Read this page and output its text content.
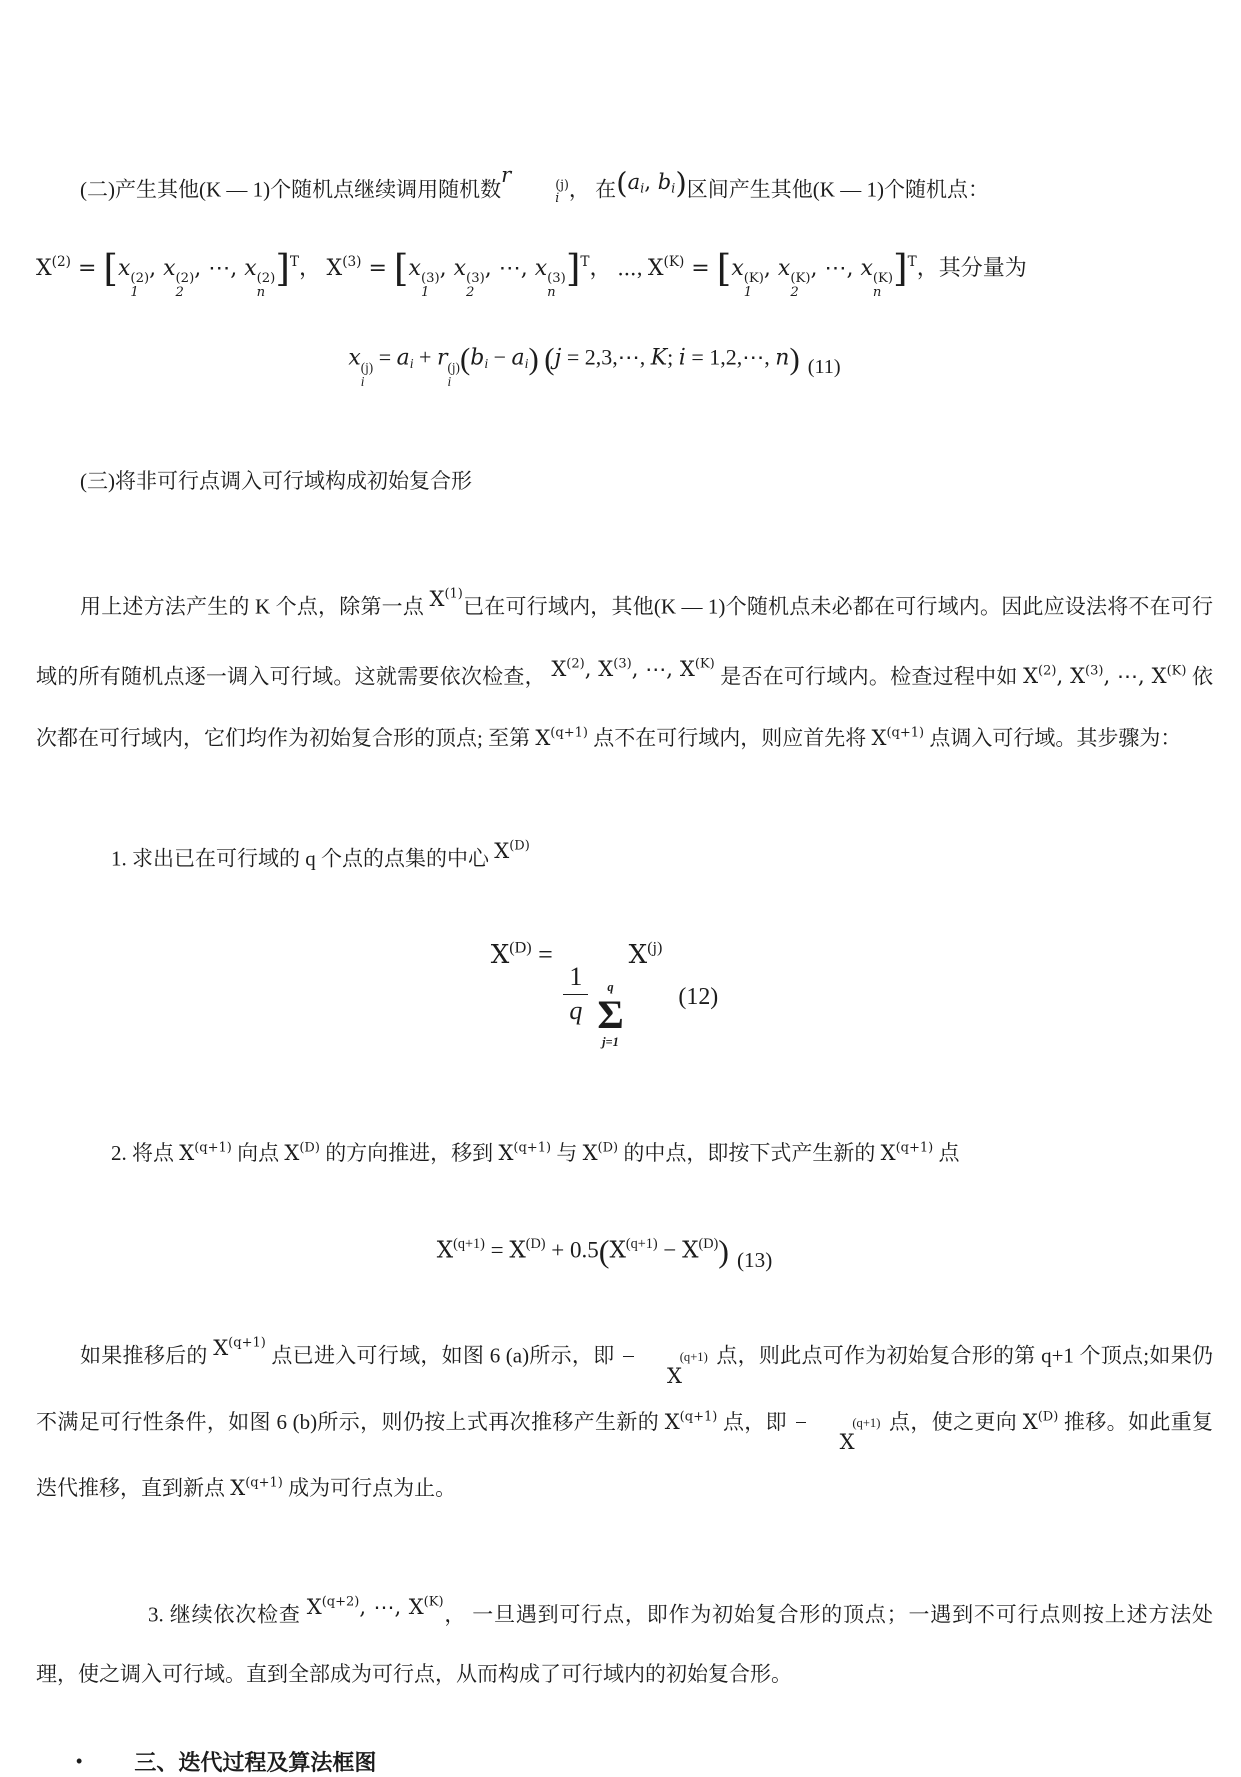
(二)产生其他(K — 1)个随机点继续调用随机数r	(j)
i ， 在($a_i$, $b_i$)区间产生其他(K — 1)个随机点：

$X^{(2)} = [x$ (2)
1
, x (2)
2
, ⋯, x (2)
n
]$^T$， $X^{(3)} = [x$ (3)
1
, x (3)
2
, ⋯, x (3)
n
]$^T$， ⋯, $X^{(K)} = [x$ (K)
1
, x (K)
2
, ⋯, x (K)
n
]$^T$，其分量为

x (j)
i
= $a_i + r$ (j)
i
$(b_i - a_i) (j$ = 2,3,⋯, K; i = 1,2,⋯, n) (11)

(三)将非可行点调入可行域构成初始复合形

用上述方法产生的 K 个点，除第一点 $X^{(1)}$已在可行域内，其他(K — 1)个随机点未必都在可行域内。因此应设法将不在可行域的所有随机点逐一调入可行域。这就需要依次检查， $X^{(2)}$, $X^{(3)}$, ⋯, $X^{(K)}$ 是否在可行域内。检查过程中如 $X^{(2)}$, $X^{(3)}$, ⋯, $X^{(K)}$ 依次都在可行域内，它们均作为初始复合形的顶点; 至第 $X^{(q+1)}$ 点不在可行域内，则应首先将 $X^{(q+1)}$ 点调入可行域。其步骤为：

1. 求出已在可行域的 q 个点的点集的中心 $X^{(D)}$

$X^{(D)}$ =
$\frac{1}{q}$ q
Σ
j=1
$X^{(j)}(12)$

2. 将点 $X^{(q+1)}$ 向点 $X^{(D)}$ 的方向推进，移到 $X^{(q+1)}$ 与 $X^{(D)}$ 的中点，即按下式产生新的 $X^{(q+1)}$ 点

$X^{(q+1)} = X^{(D)} + 0.5(X^{(q+1)} - X^{(D)})$ (13)

如果推移后的 $X^{(q+1)}$ 点已进入可行域，如图 6 (a)所示，即	(q+1)
X
点，则此点可作为初始复合形的第 q+1 个顶点;如果仍不满足可行性条件，如图 6 (b)所示，则仍按上式再次推移产生新的 $X^{(q+1)}$ 点，即	(q+1)
X
点，使之更向 $X^{(D)}$ 推移。如此重复迭代推移，直到新点 $X^{(q+1)}$ 成为可行点为止。

3. 继续依次检查 $X^{(q+2)}$, ⋯, $X^{(K)}$， 一旦遇到可行点，即作为初始复合形的顶点；一遇到不可行点则按上述方法处理，使之调入可行域。直到全部成为可行点，从而构成了可行域内的初始复合形。

• 三、迭代过程及算法框图
